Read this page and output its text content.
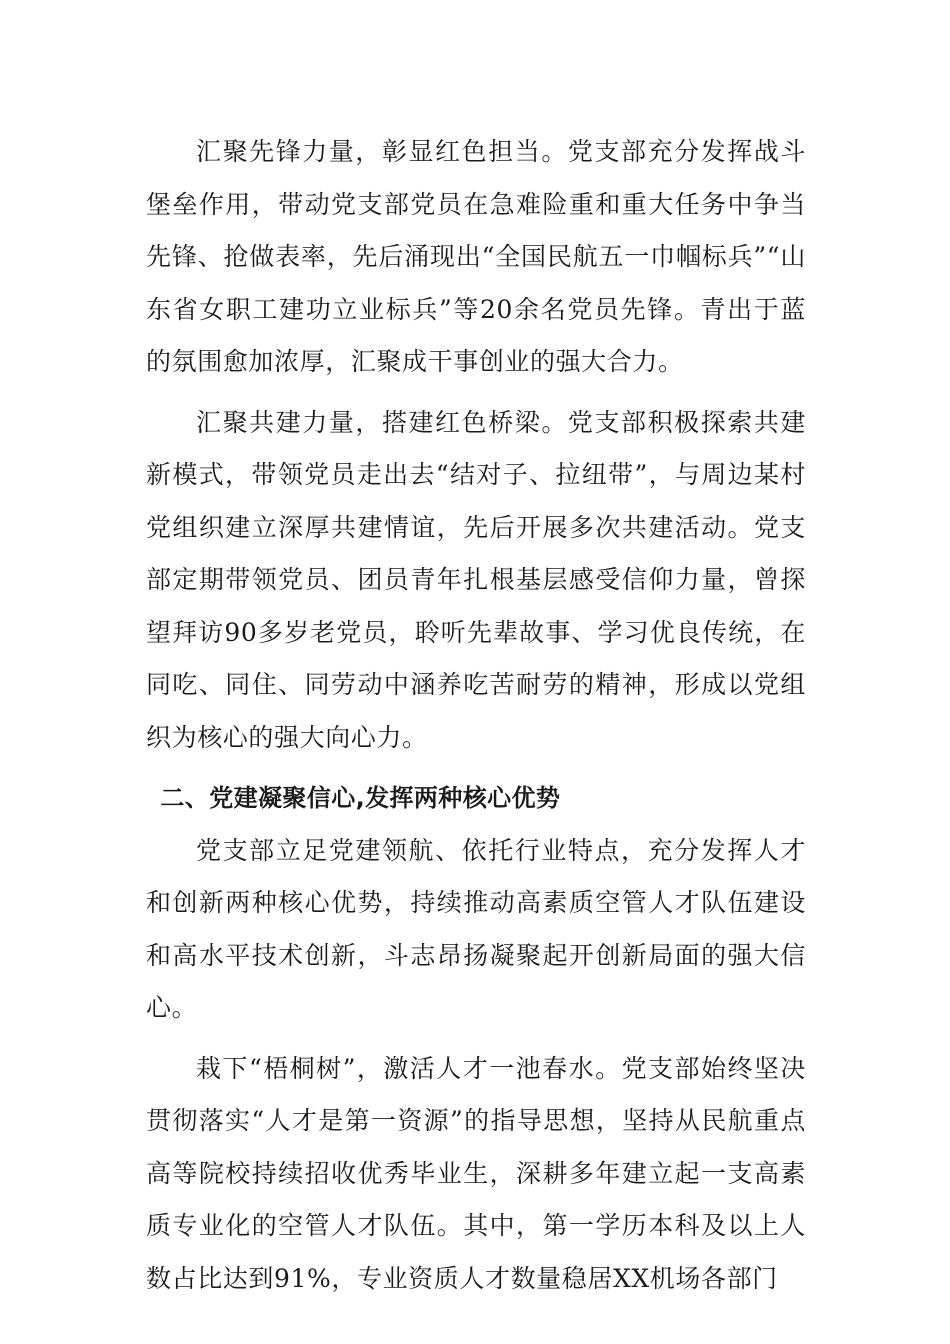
汇聚先锋力量，彰显红色担当。党支部充分发挥战斗堡垒作用，带动党支部党员在急难险重和重大任务中争当先锋、抢做表率，先后涌现出“全国民航五一巾帼标兵”“山东省女职工建功立业标兵”等20余名党员先锋。青出于蓝的氛围愈加浓厚，汇聚成干事创业的强大合力。

汇聚共建力量，搭建红色桥梁。党支部积极探索共建新模式，带领党员走出去“结对子、拉纽带”，与周边某村党组织建立深厚共建情谊，先后开展多次共建活动。党支部定期带领党员、团员青年扎根基层感受信仰力量，曾探望拜访90多岁老党员，聆听先辈故事、学习优良传统，在同吃、同住、同劳动中涵养吃苦耐劳的精神，形成以党组织为核心的强大向心力。

二、党建凝聚信心,发挥两种核心优势

党支部立足党建领航、依托行业特点，充分发挥人才和创新两种核心优势，持续推动高素质空管人才队伍建设和高水平技术创新，斗志昂扬凝聚起开创新局面的强大信心。

栽下“梧桐树”，激活人才一池春水。党支部始终坚决贯彻落实“人才是第一资源”的指导思想，坚持从民航重点高等院校持续招收优秀毕业生，深耕多年建立起一支高素质专业化的空管人才队伍。其中，第一学历本科及以上人数占比达到91%，专业资质人才数量稳居XX机场各部门
